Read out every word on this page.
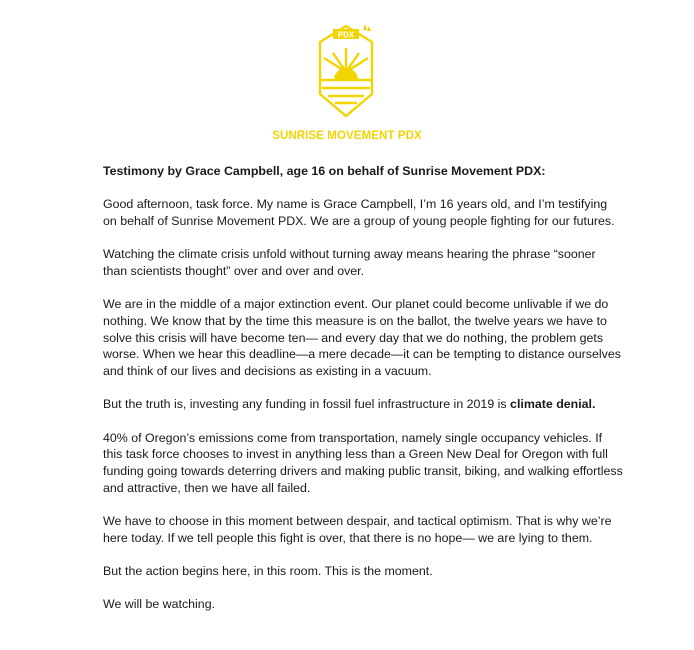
PDX
SUNRISE MOVEMENT PDX

Testimony by Grace Campbell, age 16 on behalf of Sunrise Movement PDX:

Good afternoon, task force. My name is Grace Campbell, I’m 16 years old, and I’m testifying on behalf of Sunrise Movement PDX. We are a group of young people fighting for our futures.

Watching the climate crisis unfold without turning away means hearing the phrase “sooner than scientists thought” over and over and over.

We are in the middle of a major extinction event. Our planet could become unlivable if we do nothing. We know that by the time this measure is on the ballot, the twelve years we have to solve this crisis will have become ten— and every day that we do nothing, the problem gets worse. When we hear this deadline—a mere decade—it can be tempting to distance ourselves and think of our lives and decisions as existing in a vacuum.

But the truth is, investing any funding in fossil fuel infrastructure in 2019 is climate denial.

40% of Oregon’s emissions come from transportation, namely single occupancy vehicles. If this task force chooses to invest in anything less than a Green New Deal for Oregon with full funding going towards deterring drivers and making public transit, biking, and walking effortless and attractive, then we have all failed.

We have to choose in this moment between despair, and tactical optimism. That is why we’re here today. If we tell people this fight is over, that there is no hope— we are lying to them.

But the action begins here, in this room. This is the moment.

We will be watching.
